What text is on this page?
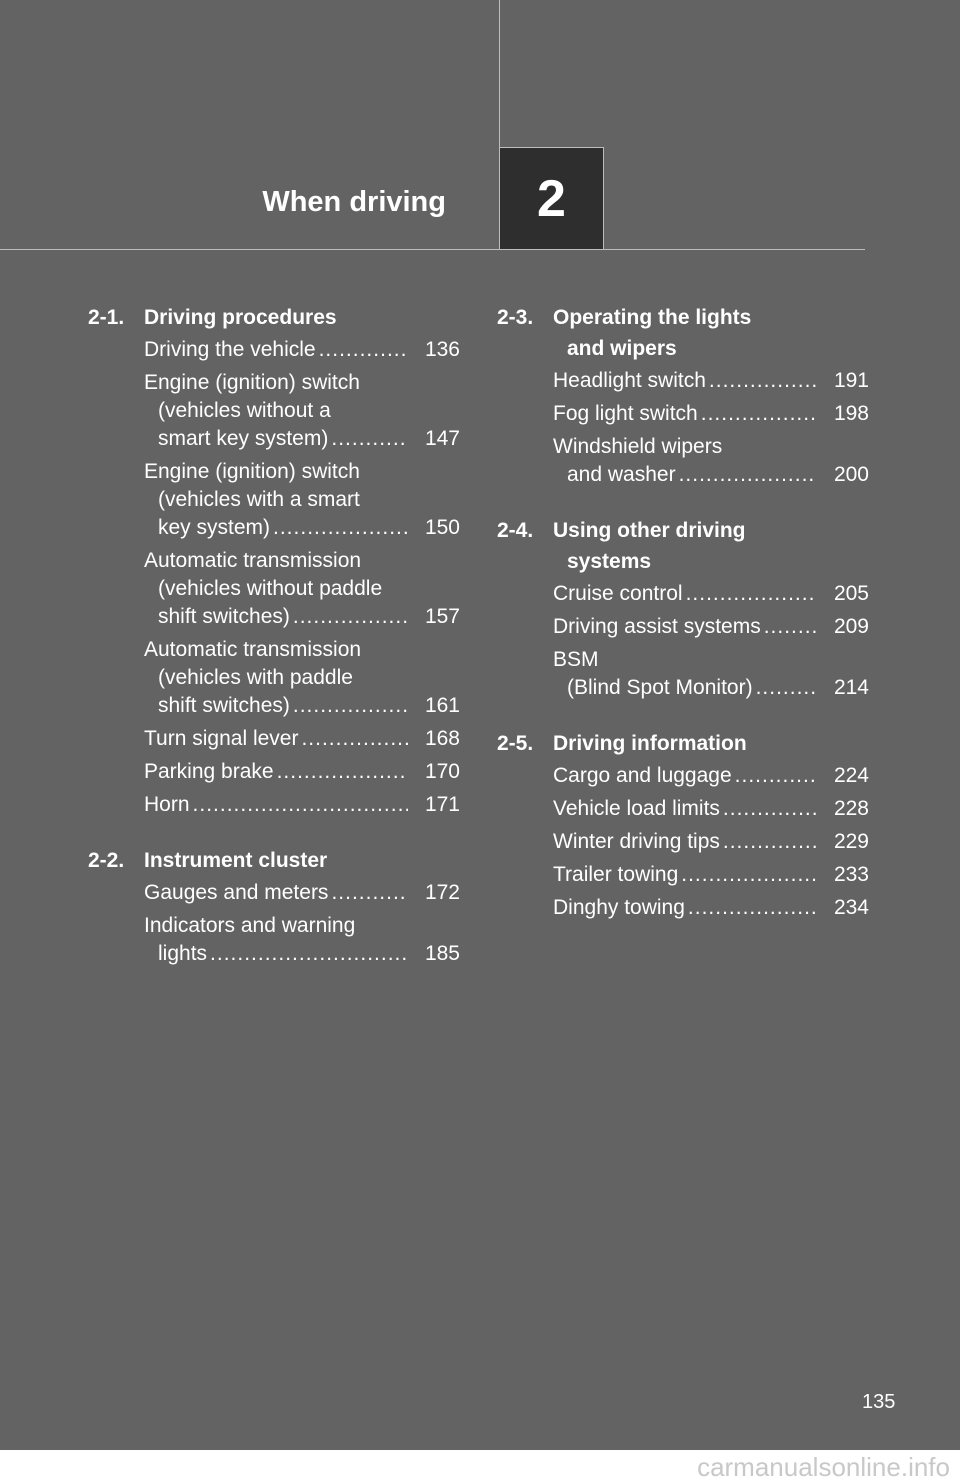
When driving 2
2-1. Driving procedures
Driving the vehicle .....	136
Engine (ignition) switch
(vehicles without a
smart key system) .....	147
Engine (ignition) switch
(vehicles with a smart
key system) .....	150
Automatic transmission
(vehicles without paddle
shift switches) .....	157
Automatic transmission
(vehicles with paddle
shift switches) .....	161
Turn signal lever .....	168
Parking brake .....	170
Horn .....	171
2-2. Instrument cluster
Gauges and meters .....	172
Indicators and warning
lights .....	185
2-3. Operating the lights
and wipers
Headlight switch .....	191
Fog light switch .....	198
Windshield wipers
and washer .....	200
2-4. Using other driving
systems
Cruise control .....	205
Driving assist systems .....	209
BSM
(Blind Spot Monitor) .....	214
2-5. Driving information
Cargo and luggage .....	224
Vehicle load limits .....	228
Winter driving tips .....	229
Trailer towing .....	233
Dinghy towing .....	234
135
carmanualsonline.info
